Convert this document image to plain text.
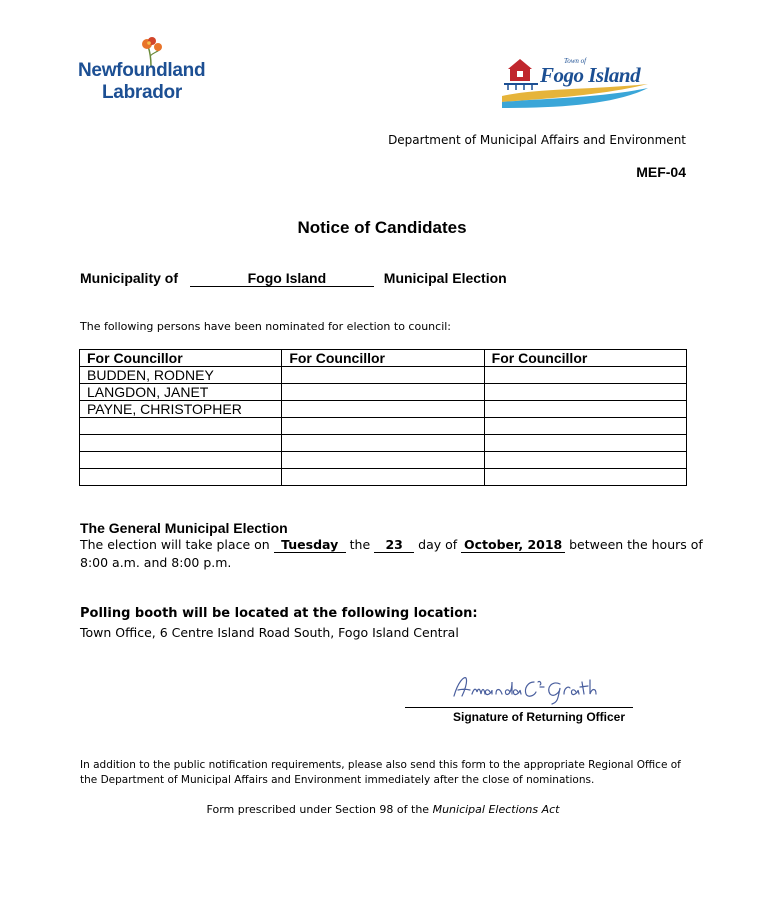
Newfoundland
Labrador
Town of
Fogo Island
Department of Municipal Affairs and Environment
MEF-04
Notice of Candidates
Municipality of	Fogo Island	Municipal Election
The following persons have been nominated for election to council:
For Councillor	For Councillor	For Councillor
BUDDEN, RODNEY		
LANGDON, JANET		
PAYNE, CHRISTOPHER		

The General Municipal Election
The election will take place on Tuesday the 23 day of October, 2018 between the hours of
8:00 a.m. and 8:00 p.m.
Polling booth will be located at the following location:
Town Office, 6 Centre Island Road South, Fogo Island Central
Signature of Returning Officer
In addition to the public notification requirements, please also send this form to the appropriate Regional Office of
the Department of Municipal Affairs and Environment immediately after the close of nominations.
Form prescribed under Section 98 of the Municipal Elections Act
